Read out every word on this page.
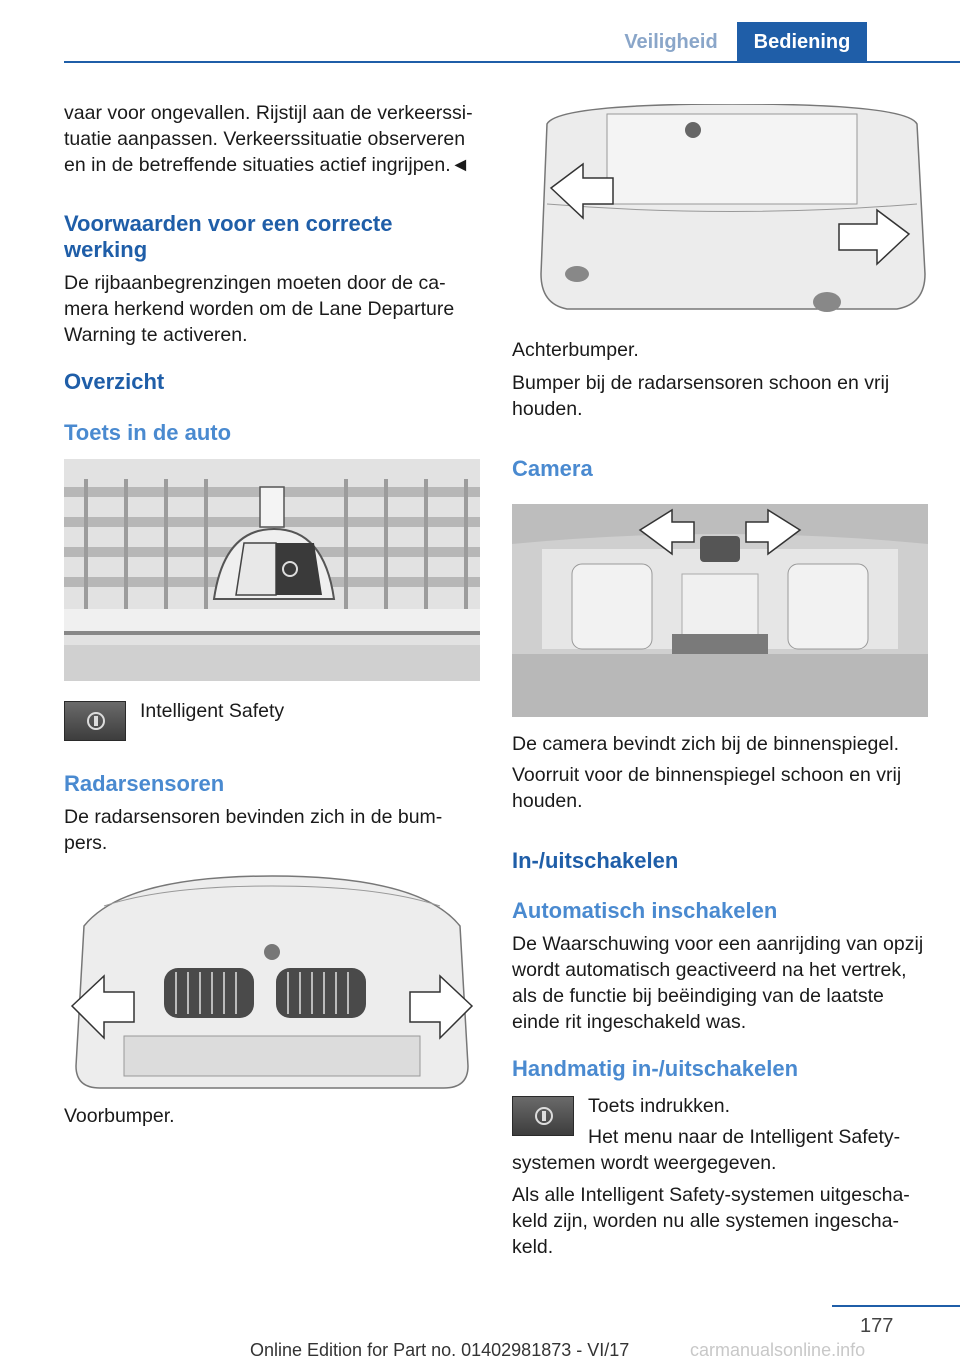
Veiligheid	Bediening

vaar voor ongevallen. Rijstijl aan de verkeerssi-tuatie aanpassen. Verkeerssituatie observeren en in de betreffende situaties actief ingrijpen.◄

Voorwaarden voor een correcte werking

De rijbaanbegrenzingen moeten door de ca-mera herkend worden om de Lane Departure Warning te activeren.

Overzicht

Toets in de auto

Intelligent Safety

Radarsensoren

De radarsensoren bevinden zich in de bum-pers.

Voorbumper.

Achterbumper.

Bumper bij de radarsensoren schoon en vrij houden.

Camera

De camera bevindt zich bij de binnenspiegel.

Voorruit voor de binnenspiegel schoon en vrij houden.

In-/uitschakelen

Automatisch inschakelen

De Waarschuwing voor een aanrijding van opzij wordt automatisch geactiveerd na het vertrek, als de functie bij beëindiging van de laatste einde rit ingeschakeld was.

Handmatig in-/uitschakelen

Toets indrukken.

Het menu naar de Intelligent Safety-systemen wordt weergegeven.

Als alle Intelligent Safety-systemen uitgescha-keld zijn, worden nu alle systemen ingescha-keld.

177
Online Edition for Part no. 01402981873 - VI/17	carmanualsonline.info
